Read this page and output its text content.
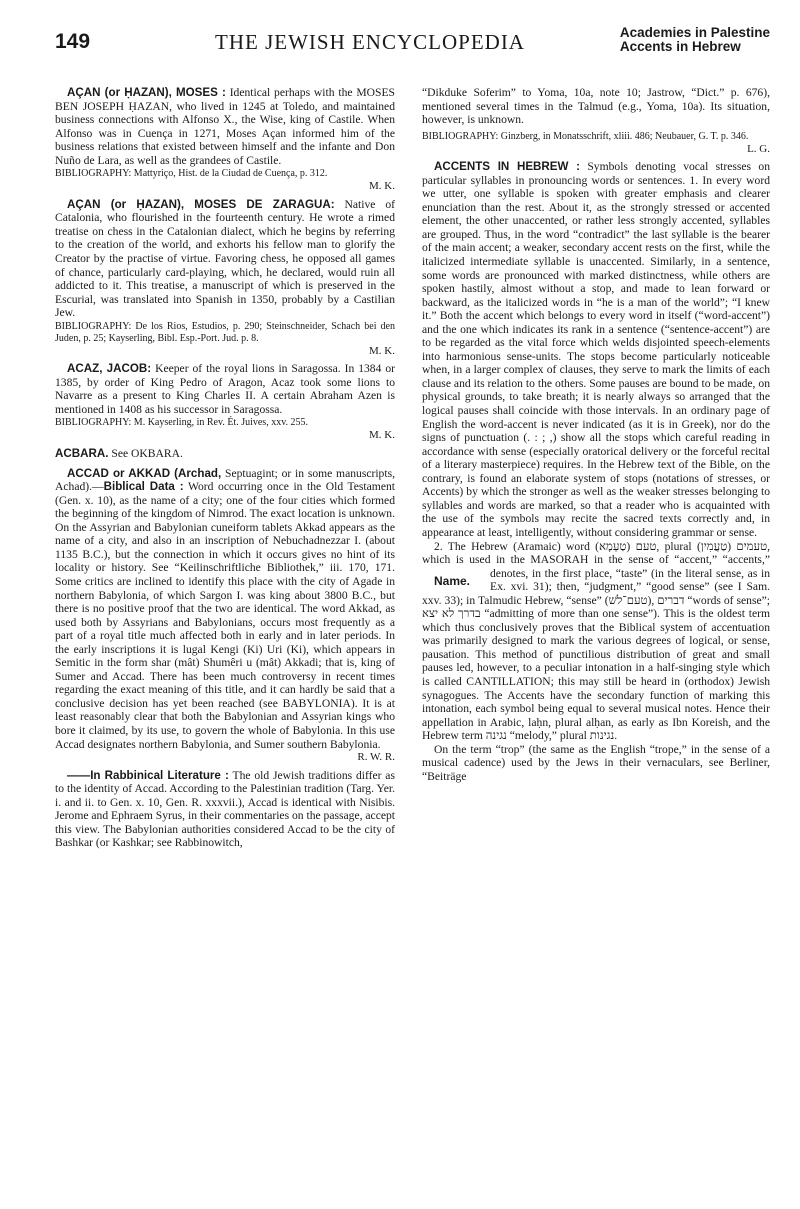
149	THE JEWISH ENCYCLOPEDIA	Academies in Palestine
Accents in Hebrew

AÇAN (or ḤAZAN), MOSES : Identical perhaps with the MOSES BEN JOSEPH ḤAZAN, who lived in 1245 at Toledo, and maintained business connections with Alfonso X., the Wise, king of Castile. When Alfonso was in Cuença in 1271, Moses Açan informed him of the business relations that existed between himself and the infante and Don Nuño de Lara, as well as the grandees of Castile.

BIBLIOGRAPHY: Mattyriço, Hist. de la Ciudad de Cuença, p. 312.

M. K.

AÇAN (or ḤAZAN), MOSES DE ZARAGUA: Native of Catalonia, who flourished in the fourteenth century. He wrote a rimed treatise on chess in the Catalonian dialect, which he begins by referring to the creation of the world, and exhorts his fellow man to glorify the Creator by the practise of virtue. Favoring chess, he opposed all games of chance, particularly card-playing, which, he declared, would ruin all addicted to it. This treatise, a manuscript of which is preserved in the Escurial, was translated into Spanish in 1350, probably by a Castilian Jew.

BIBLIOGRAPHY: De los Rios, Estudios, p. 290; Steinschneider, Schach bei den Juden, p. 25; Kayserling, Bibl. Esp.-Port. Jud. p. 8.

M. K.

ACAZ, JACOB: Keeper of the royal lions in Saragossa. In 1384 or 1385, by order of King Pedro of Aragon, Acaz took some lions to Navarre as a present to King Charles II. A certain Abraham Azen is mentioned in 1408 as his successor in Saragossa.

BIBLIOGRAPHY: M. Kayserling, in Rev. Ét. Juives, xxv. 255.

M. K.

ACBARA. See OKBARA.

ACCAD or AKKAD (Archad, Septuagint; or in some manuscripts, Achad).—Biblical Data : Word occurring once in the Old Testament (Gen. x. 10), as the name of a city; one of the four cities which formed the beginning of the kingdom of Nimrod. The exact location is unknown. On the Assyrian and Babylonian cuneiform tablets Akkad appears as the name of a city, and also in an inscription of Nebuchadnezzar I. (about 1135 B.C.), but the connection in which it occurs gives no hint of its locality or history. See “Keilinschriftliche Bibliothek,” iii. 170, 171. Some critics are inclined to identify this place with the city of Agade in northern Babylonia, of which Sargon I. was king about 3800 B.C., but there is no positive proof that the two are identical. The word Akkad, as used both by Assyrians and Babylonians, occurs most frequently as a part of a royal title much affected both in early and in later periods. In the early inscriptions it is lugal Kengi (Ki) Uri (Ki), which appears in Semitic in the form shar (mât) Shumêri u (mât) Akkadi; that is, king of Sumer and Accad. There has been much controversy in recent times regarding the exact meaning of this title, and it can hardly be said that a conclusive decision has yet been reached (see BABYLONIA). It is at least reasonably clear that both the Babylonian and Assyrian kings who bore it claimed, by its use, to govern the whole of Babylonia. In this use Accad designates northern Babylonia, and Sumer southern Babylonia.

R. W. R.

——In Rabbinical Literature : The old Jewish traditions differ as to the identity of Accad. According to the Palestinian tradition (Targ. Yer. i. and ii. to Gen. x. 10, Gen. R. xxxvii.), Accad is identical with Nisibis. Jerome and Ephraem Syrus, in their commentaries on the passage, accept this view. The Babylonian authorities considered Accad to be the city of Bashkar (or Kashkar; see Rabbinowitch,

“Dikduke Soferim” to Yoma, 10a, note 10; Jastrow, “Dict.” p. 676), mentioned several times in the Talmud (e.g., Yoma, 10a). Its situation, however, is unknown.

BIBLIOGRAPHY: Ginzberg, in Monatsschrift, xliii. 486; Neubauer, G. T. p. 346.

L. G.

ACCENTS IN HEBREW : Symbols denoting vocal stresses on particular syllables in pronouncing words or sentences. 1. In every word we utter, one syllable is spoken with greater emphasis and clearer enunciation than the rest. About it, as the strongly stressed or accented element, the other unaccented, or rather less strongly accented, syllables are grouped. Thus, in the word “contradict” the last syllable is the bearer of the main accent; a weaker, secondary accent rests on the first, while the italicized intermediate syllable is unaccented. Similarly, in a sentence, some words are pronounced with marked distinctness, while others are spoken hastily, almost without a stop, and made to lean forward or backward, as the italicized words in “he is a man of the world”; “I knew it.” Both the accent which belongs to every word in itself (“word-accent”) and the one which indicates its rank in a sentence (“sentence-accent”) are to be regarded as the vital force which welds disjointed speech-elements into harmonious sense-units. The stops become particularly noticeable when, in a larger complex of clauses, they serve to mark the limits of each clause and its relation to the others. Some pauses are bound to be made, on physical grounds, to take breath; it is nearly always so arranged that the logical pauses shall coincide with those intervals. In an ordinary page of English the word-accent is never indicated (as it is in Greek), nor do the signs of punctuation (. : ; ,) show all the stops which careful reading in accordance with sense (especially oratorical delivery or the forceful recital of a literary masterpiece) requires. In the Hebrew text of the Bible, on the contrary, is found an elaborate system of stops (notations of stresses, or Accents) by which the stronger as well as the weaker stresses belonging to syllables and words are marked, so that a reader who is acquainted with the use of the symbols may recite the sacred texts correctly and, in appearance at least, intelligently, without considering grammar or sense.

2. The Hebrew (Aramaic) word טעם (טַעְמָא), plural טעמים (טַעֲמִין), which is used in the MASORAH in the sense of “accent,” “accents,” denotes,
Name.
in the first place, “taste” (in the literal sense, as in Ex. xvi. 31); then, “judgment,” “good sense” (see I Sam. xxv. 33); in Talmudic Hebrew, “sense” (טעם־לשׁ), דברים “words of sense”; בדרך לא יצא “admitting of more than one sense”). This is the oldest term which thus conclusively proves that the Biblical system of accentuation was primarily designed to mark the various degrees of logical, or sense, pausation. This method of punctilious distribution of great and small pauses led, however, to a peculiar intonation in a half-singing style which is called CANTILLATION; this may still be heard in (orthodox) Jewish synagogues. The Accents have the secondary function of marking this intonation, each symbol being equal to several musical notes. Hence their appellation in Arabic, laḥn, plural alḥan, as early as Ibn Koreish, and the Hebrew term נגינה “melody,” plural נגינות.

On the term “trop” (the same as the English “trope,” in the sense of a musical cadence) used by the Jews in their vernaculars, see Berliner, “Beiträge
